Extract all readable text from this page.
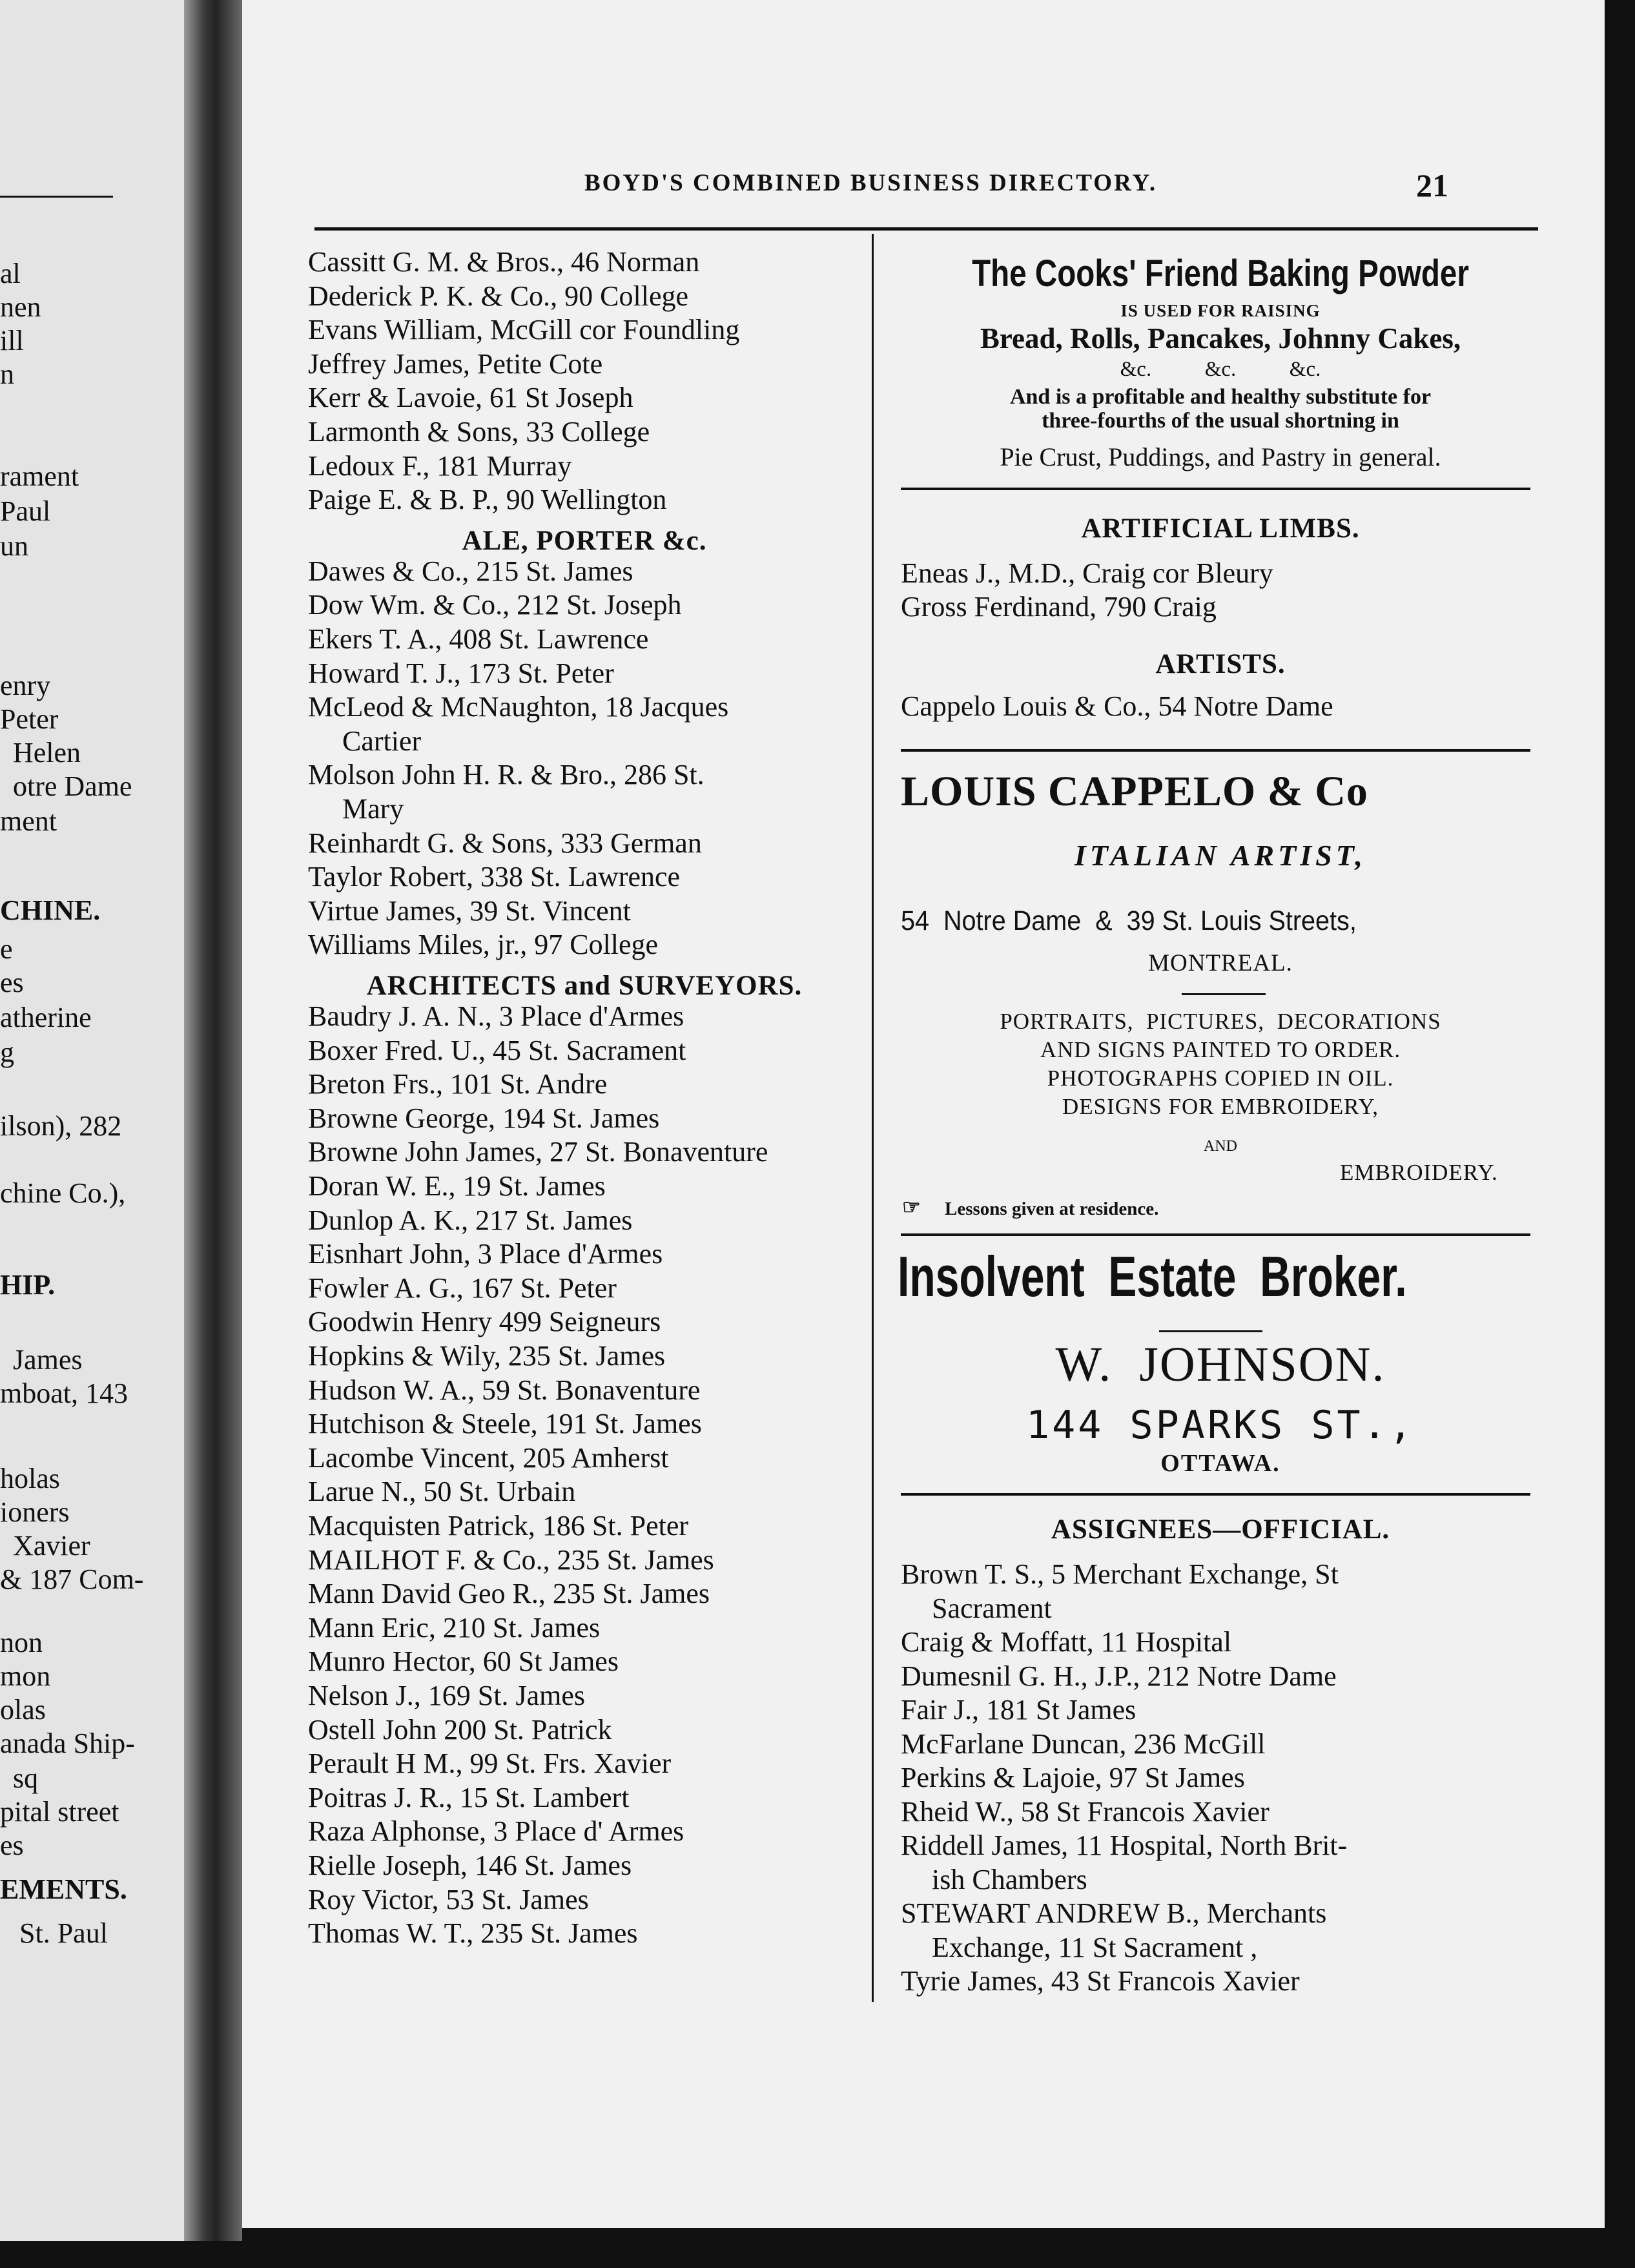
al
nen
ill
n
rament
Paul
un
enry
Peter
Helen
otre Dame
ment
CHINE.
e
es
atherine
g
ilson), 282
chine Co.),
HIP.
James
mboat, 143
holas
ioners
Xavier
& 187 Com-
non
mon
olas
anada Ship-
sq
pital street
es
EMENTS.
St. Paul
BOYD'S COMBINED BUSINESS DIRECTORY.	21
Cassitt G. M. & Bros., 46 Norman
Dederick P. K. & Co., 90 College
Evans William, McGill cor Foundling
Jeffrey James, Petite Cote
Kerr & Lavoie, 61 St Joseph
Larmonth & Sons, 33 College
Ledoux F., 181 Murray
Paige E. & B. P., 90 Wellington
ALE, PORTER &c.
Dawes & Co., 215 St. James
Dow Wm. & Co., 212 St. Joseph
Ekers T. A., 408 St. Lawrence
Howard T. J., 173 St. Peter
McLeod & McNaughton, 18 Jacques
Cartier
Molson John H. R. & Bro., 286 St.
Mary
Reinhardt G. & Sons, 333 German
Taylor Robert, 338 St. Lawrence
Virtue James, 39 St. Vincent
Williams Miles, jr., 97 College
ARCHITECTS and SURVEYORS.
Baudry J. A. N., 3 Place d'Armes
Boxer Fred. U., 45 St. Sacrament
Breton Frs., 101 St. Andre
Browne George, 194 St. James
Browne John James, 27 St. Bonaventure
Doran W. E., 19 St. James
Dunlop A. K., 217 St. James
Eisnhart John, 3 Place d'Armes
Fowler A. G., 167 St. Peter
Goodwin Henry 499 Seigneurs
Hopkins & Wily, 235 St. James
Hudson W. A., 59 St. Bonaventure
Hutchison & Steele, 191 St. James
Lacombe Vincent, 205 Amherst
Larue N., 50 St. Urbain
Macquisten Patrick, 186 St. Peter
MAILHOT F. & Co., 235 St. James
Mann David Geo R., 235 St. James
Mann Eric, 210 St. James
Munro Hector, 60 St James
Nelson J., 169 St. James
Ostell John 200 St. Patrick
Perault H M., 99 St. Frs. Xavier
Poitras J. R., 15 St. Lambert
Raza Alphonse, 3 Place d' Armes
Rielle Joseph, 146 St. James
Roy Victor, 53 St. James
Thomas W. T., 235 St. James
The Cooks' Friend Baking Powder
IS USED FOR RAISING
Bread, Rolls, Pancakes, Johnny Cakes,
&c.          &c.          &c.
And is a profitable and healthy substitute for
three-fourths of the usual shortning in
Pie Crust, Puddings, and Pastry in general.
ARTIFICIAL LIMBS.
Eneas J., M.D., Craig cor Bleury
Gross Ferdinand, 790 Craig
ARTISTS.
Cappelo Louis & Co., 54 Notre Dame
LOUIS CAPPELO & Co
ITALIAN ARTIST,
54  Notre Dame  &  39 St. Louis Streets,
MONTREAL.
PORTRAITS,  PICTURES,  DECORATIONS
AND SIGNS PAINTED TO ORDER.
PHOTOGRAPHS COPIED IN OIL.
DESIGNS FOR EMBROIDERY,
AND
EMBROIDERY.
☞ Lessons given at residence.
Insolvent  Estate  Broker.
W.  JOHNSON.
144 SPARKS ST.,
OTTAWA.
ASSIGNEES—OFFICIAL.
Brown T. S., 5 Merchant Exchange, St
Sacrament
Craig & Moffatt, 11 Hospital
Dumesnil G. H., J.P., 212 Notre Dame
Fair J., 181 St James
McFarlane Duncan, 236 McGill
Perkins & Lajoie, 97 St James
Rheid W., 58 St Francois Xavier
Riddell James, 11 Hospital, North Brit-
ish Chambers
STEWART ANDREW B., Merchants
Exchange, 11 St Sacrament ,
Tyrie James, 43 St Francois Xavier
